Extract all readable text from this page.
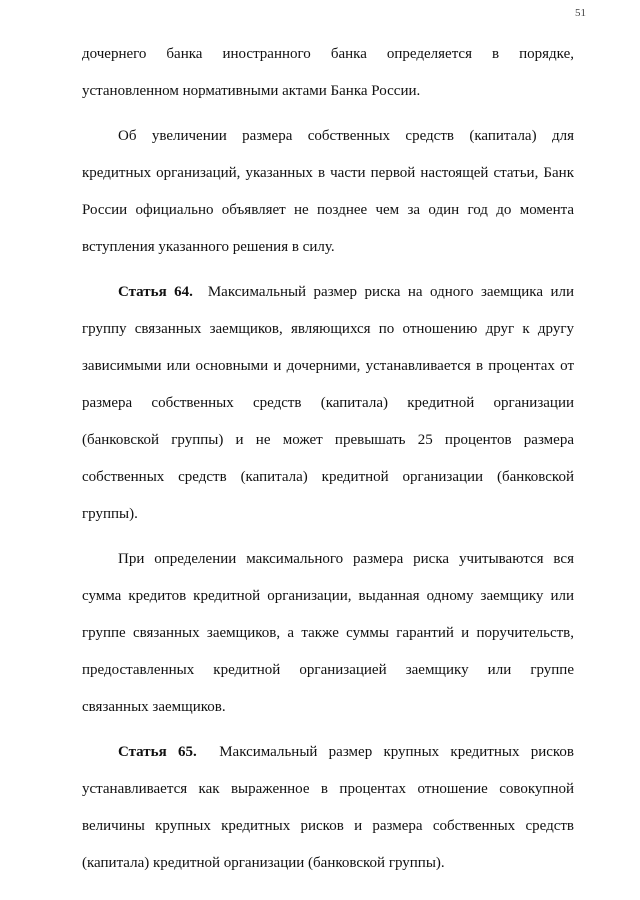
51
дочернего банка иностранного банка определяется в порядке,
установленном нормативными актами Банка России.
Об увеличении размера собственных средств (капитала) для
кредитных организаций, указанных в части первой настоящей статьи, Банк
России официально объявляет не позднее чем за один год до момента
вступления указанного решения в силу.
Статья 64. Максимальный размер риска на одного заемщика или
группу связанных заемщиков, являющихся по отношению друг к другу
зависимыми или основными и дочерними, устанавливается в процентах от
размера собственных средств (капитала) кредитной организации
(банковской группы) и не может превышать 25 процентов размера
собственных средств (капитала) кредитной организации (банковской
группы).
При определении максимального размера риска учитываются вся
сумма кредитов кредитной организации, выданная одному заемщику или
группе связанных заемщиков, а также суммы гарантий и поручительств,
предоставленных кредитной организацией заемщику или группе
связанных заемщиков.
Статья 65. Максимальный размер крупных кредитных рисков
устанавливается как выраженное в процентах отношение совокупной
величины крупных кредитных рисков и размера собственных средств
(капитала) кредитной организации (банковской группы).
